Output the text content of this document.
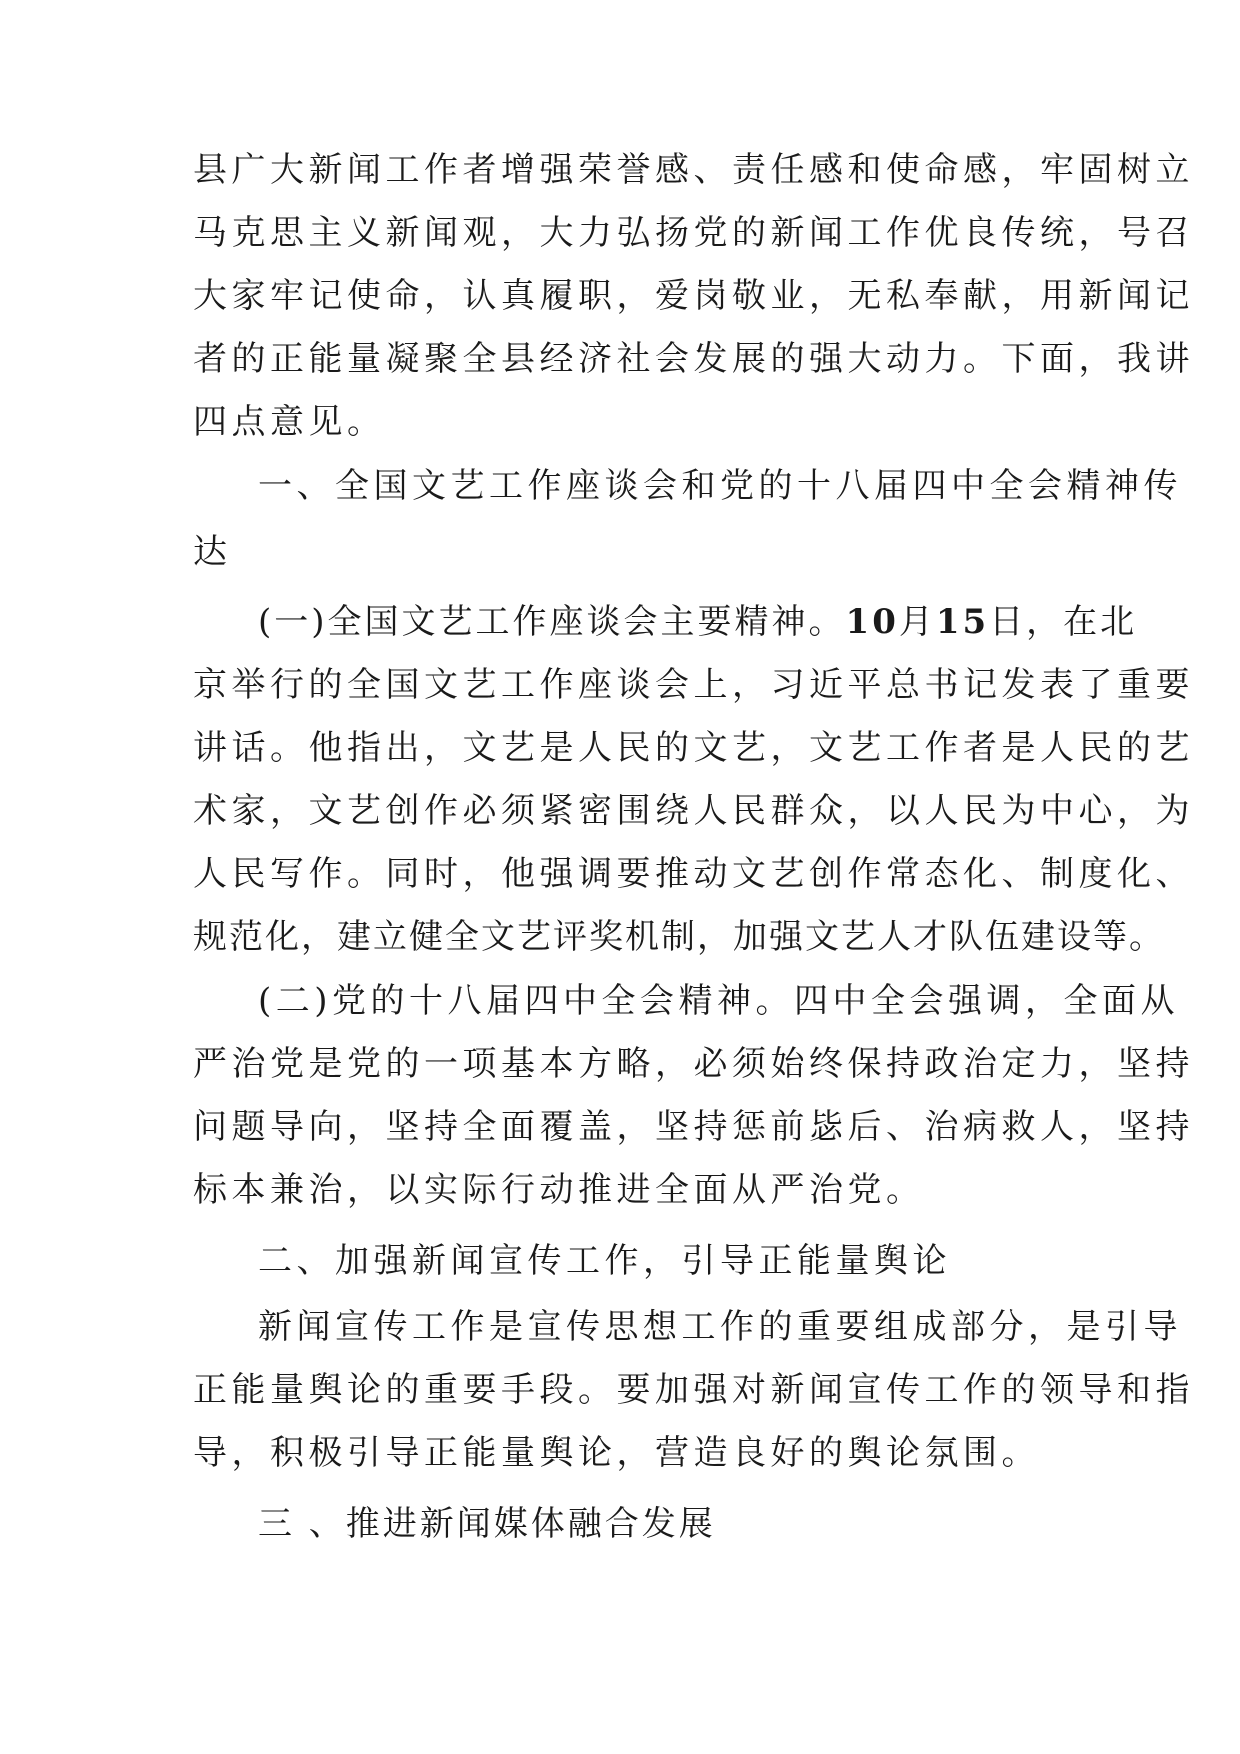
县广大新闻工作者增强荣誉感、责任感和使命感，牢固树立
马克思主义新闻观，大力弘扬党的新闻工作优良传统，号召
大家牢记使命，认真履职，爱岗敬业，无私奉献，用新闻记
者的正能量凝聚全县经济社会发展的强大动力。下面，我讲
四点意见。
一、全国文艺工作座谈会和党的十八届四中全会精神传
达
(一)全国文艺工作座谈会主要精神。 10 月 15 日，在北
京举行的全国文艺工作座谈会上，习近平总书记发表了重要
讲话。他指出，文艺是人民的文艺，文艺工作者是人民的艺
术家，文艺创作必须紧密围绕人民群众，以人民为中心，为
人民写作。同时，他强调要推动文艺创作常态化、制度化、
规范化，建立健全文艺评奖机制，加强文艺人才队伍建设等。
(二)党的十八届四中全会精神。四中全会强调，全面从
严治党是党的一项基本方略，必须始终保持政治定力，坚持
问题导向，坚持全面覆盖，坚持惩前毖后、治病救人，坚持
标本兼治，以实际行动推进全面从严治党。
二、加强新闻宣传工作，引导正能量舆论
新闻宣传工作是宣传思想工作的重要组成部分，是引导
正能量舆论的重要手段。要加强对新闻宣传工作的领导和指
导，积极引导正能量舆论，营造良好的舆论氛围。
三 、推进新闻媒体融合发展
